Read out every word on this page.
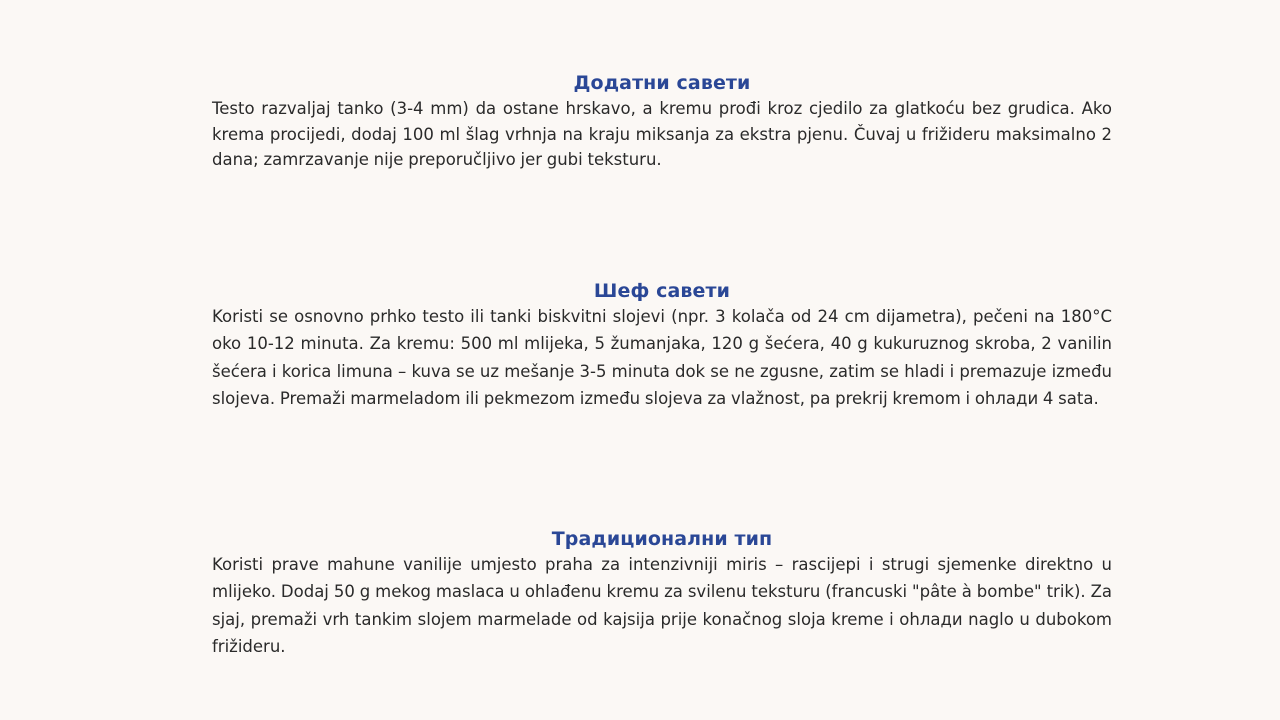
Додатни савети

Testo razvaljaj tanko (3-4 mm) da ostane hrskavo, a kremu prođi kroz cjedilo za glatkoću bez grudica. Ako krema procijedi, dodaj 100 ml šlag vrhnja na kraju miksanja za ekstra pjenu. Čuvaj u frižideru maksimalno 2 dana; zamrzavanje nije preporučljivo jer gubi teksturu.

Шеф савети

Koristi se osnovno prhko testo ili tanki biskvitni slojevi (npr. 3 kolača od 24 cm dijametra), pečeni na 180°C oko 10-12 minuta. Za kremu: 500 ml mlijeka, 5 žumanjaka, 120 g šećera, 40 g kukuruznog skroba, 2 vanilin šećera i korica limuna – kuva se uz mešanje 3-5 minuta dok se ne zgusne, zatim se hladi i premazuje između slojeva. Premaži marmeladom ili pekmezom između slojeva za vlažnost, pa prekrij kremom i ohлади 4 sata.

Традиционални тип

Koristi prave mahune vanilije umjesto praha za intenzivniji miris – rascijepi i strugi sjemenke direktno u mlijeko. Dodaj 50 g mekog maslaca u ohlađenu kremu za svilenu teksturu (francuski "pâte à bombe" trik). Za sjaj, premaži vrh tankim slojem marmelade od kajsija prije konačnog sloja kreme i ohлади naglo u dubokom frižideru.
